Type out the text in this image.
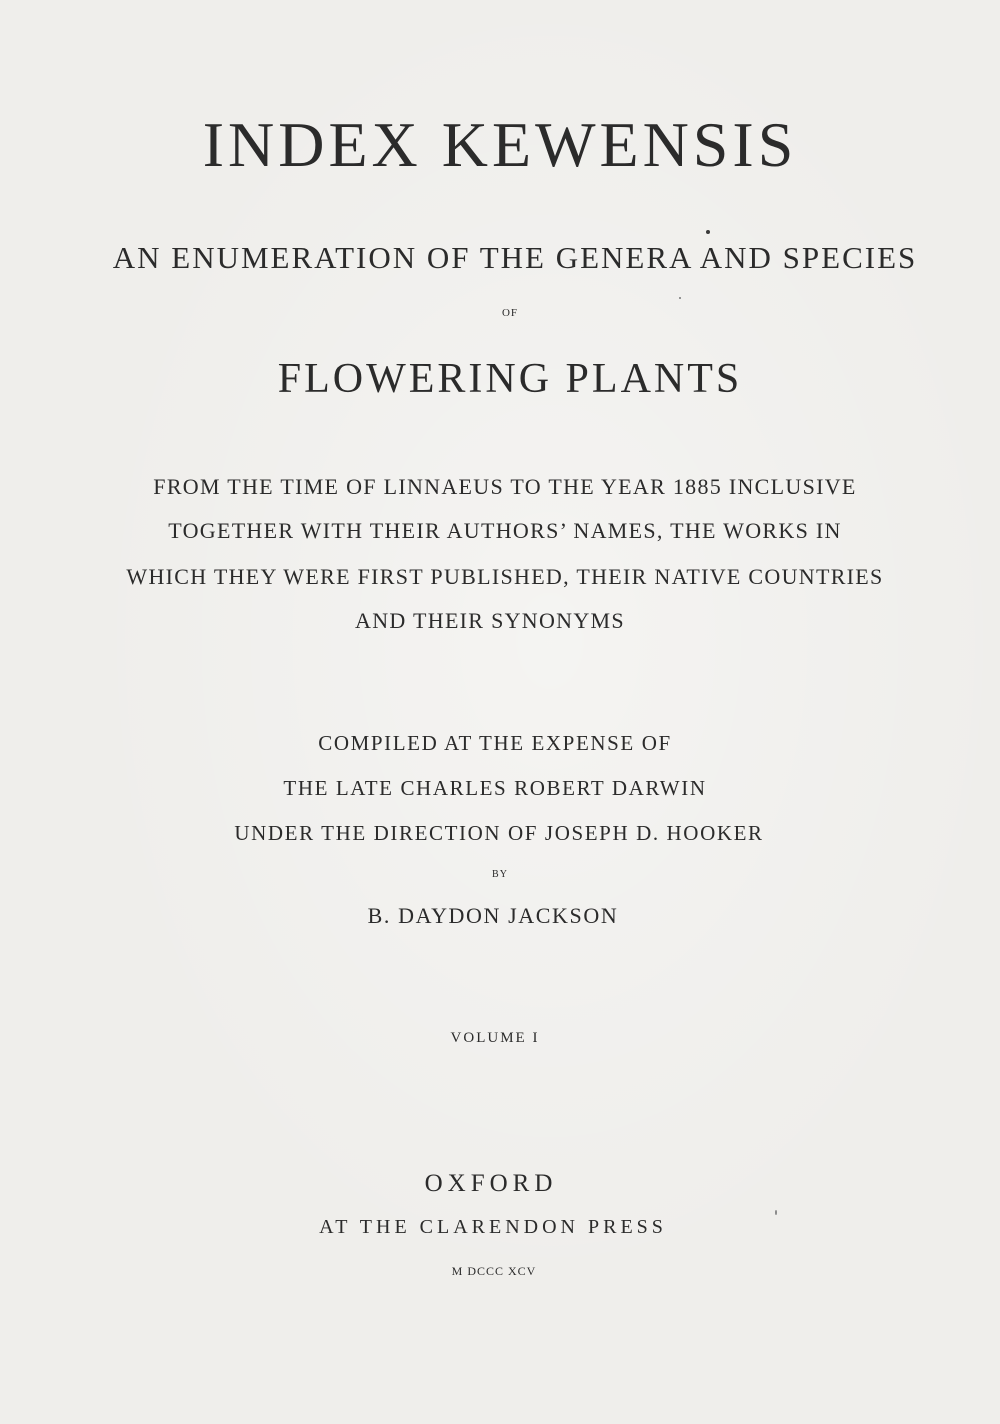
INDEX KEWENSIS
AN ENUMERATION OF THE GENERA AND SPECIES
OF
FLOWERING PLANTS
FROM THE TIME OF LINNAEUS TO THE YEAR 1885 INCLUSIVE
TOGETHER WITH THEIR AUTHORS’ NAMES, THE WORKS IN
WHICH THEY WERE FIRST PUBLISHED, THEIR NATIVE COUNTRIES
AND THEIR SYNONYMS
COMPILED AT THE EXPENSE OF
THE LATE CHARLES ROBERT DARWIN
UNDER THE DIRECTION OF JOSEPH D. HOOKER
BY
B. DAYDON JACKSON
VOLUME I
OXFORD
AT THE CLARENDON PRESS
M DCCC XCV
